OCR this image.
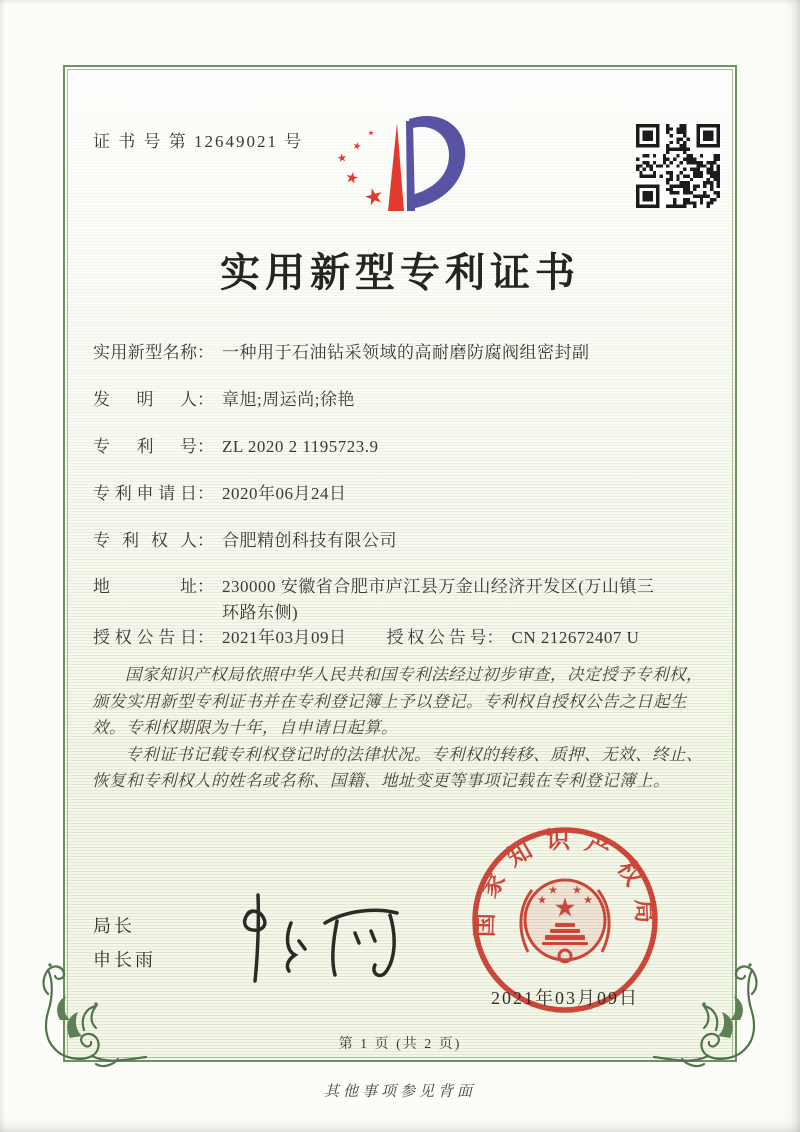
证 书 号 第 12649021 号
实用新型专利证书
实用新型名称 ： 一种用于石油钻采领域的高耐磨防腐阀组密封副
发明人 ： 章旭;周运尚;徐艳
专利号 ： ZL 2020 2 1195723.9
专利申请日 ： 2020年06月24日
专利权人 ： 合肥精创科技有限公司
地址 ： 230000 安徽省合肥市庐江县万金山经济开发区(万山镇三环路东侧)
授权公告日 ： 2021年03月09日 授权公告号 ： CN 212672407 U

国家知识产权局依照中华人民共和国专利法经过初步审查，决定授予专利权，颁发实用新型专利证书并在专利登记簿上予以登记。专利权自授权公告之日起生效。专利权期限为十年，自申请日起算。

专利证书记载专利权登记时的法律状况。专利权的转移、质押、无效、终止、恢复和专利权人的姓名或名称、国籍、地址变更等事项记载在专利登记簿上。

局长
申长雨
国家知识产权局
2021年03月09日
第 1 页 (共 2 页)
其他事项参见背面
